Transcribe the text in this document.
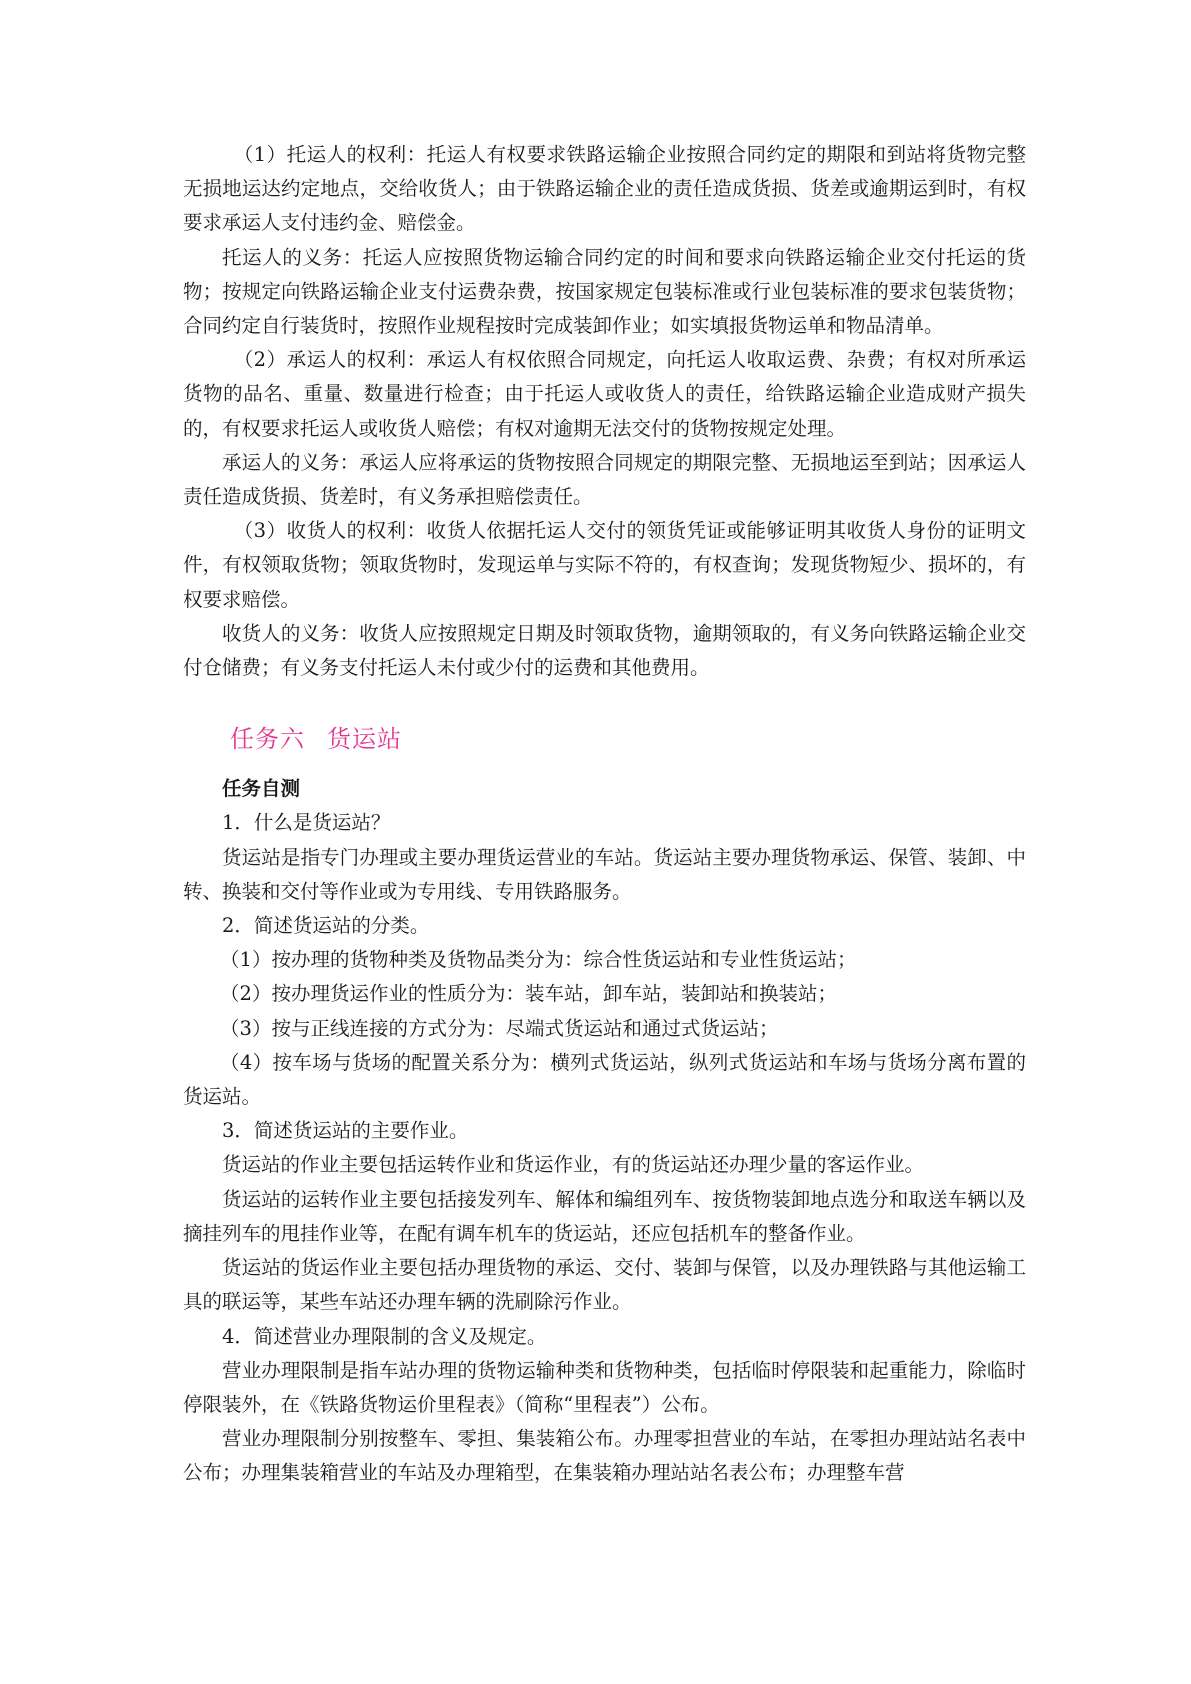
（1）托运人的权利：托运人有权要求铁路运输企业按照合同约定的期限和到站将货物完整无损地运达约定地点，交给收货人；由于铁路运输企业的责任造成货损、货差或逾期运到时，有权要求承运人支付违约金、赔偿金。

托运人的义务：托运人应按照货物运输合同约定的时间和要求向铁路运输企业交付托运的货物；按规定向铁路运输企业支付运费杂费，按国家规定包装标准或行业包装标准的要求包装货物；合同约定自行装货时，按照作业规程按时完成装卸作业；如实填报货物运单和物品清单。

（2）承运人的权利：承运人有权依照合同规定，向托运人收取运费、杂费；有权对所承运货物的品名、重量、数量进行检查；由于托运人或收货人的责任，给铁路运输企业造成财产损失的，有权要求托运人或收货人赔偿；有权对逾期无法交付的货物按规定处理。

承运人的义务：承运人应将承运的货物按照合同规定的期限完整、无损地运至到站；因承运人责任造成货损、货差时，有义务承担赔偿责任。

（3）收货人的权利：收货人依据托运人交付的领货凭证或能够证明其收货人身份的证明文件，有权领取货物；领取货物时，发现运单与实际不符的，有权查询；发现货物短少、损坏的，有权要求赔偿。

收货人的义务：收货人应按照规定日期及时领取货物，逾期领取的，有义务向铁路运输企业交付仓储费；有义务支付托运人未付或少付的运费和其他费用。

任务六 货运站

任务自测

1．什么是货运站？

货运站是指专门办理或主要办理货运营业的车站。货运站主要办理货物承运、保管、装卸、中转、换装和交付等作业或为专用线、专用铁路服务。

2．简述货运站的分类。

（1）按办理的货物种类及货物品类分为：综合性货运站和专业性货运站；

（2）按办理货运作业的性质分为：装车站，卸车站，装卸站和换装站；

（3）按与正线连接的方式分为：尽端式货运站和通过式货运站；

（4）按车场与货场的配置关系分为：横列式货运站，纵列式货运站和车场与货场分离布置的货运站。

3．简述货运站的主要作业。

货运站的作业主要包括运转作业和货运作业，有的货运站还办理少量的客运作业。

货运站的运转作业主要包括接发列车、解体和编组列车、按货物装卸地点选分和取送车辆以及摘挂列车的甩挂作业等，在配有调车机车的货运站，还应包括机车的整备作业。

货运站的货运作业主要包括办理货物的承运、交付、装卸与保管，以及办理铁路与其他运输工具的联运等，某些车站还办理车辆的洗刷除污作业。

4．简述营业办理限制的含义及规定。

营业办理限制是指车站办理的货物运输种类和货物种类，包括临时停限装和起重能力，除临时停限装外，在《铁路货物运价里程表》（简称“里程表”）公布。

营业办理限制分别按整车、零担、集装箱公布。办理零担营业的车站，在零担办理站站名表中公布；办理集装箱营业的车站及办理箱型，在集装箱办理站站名表公布；办理整车营
